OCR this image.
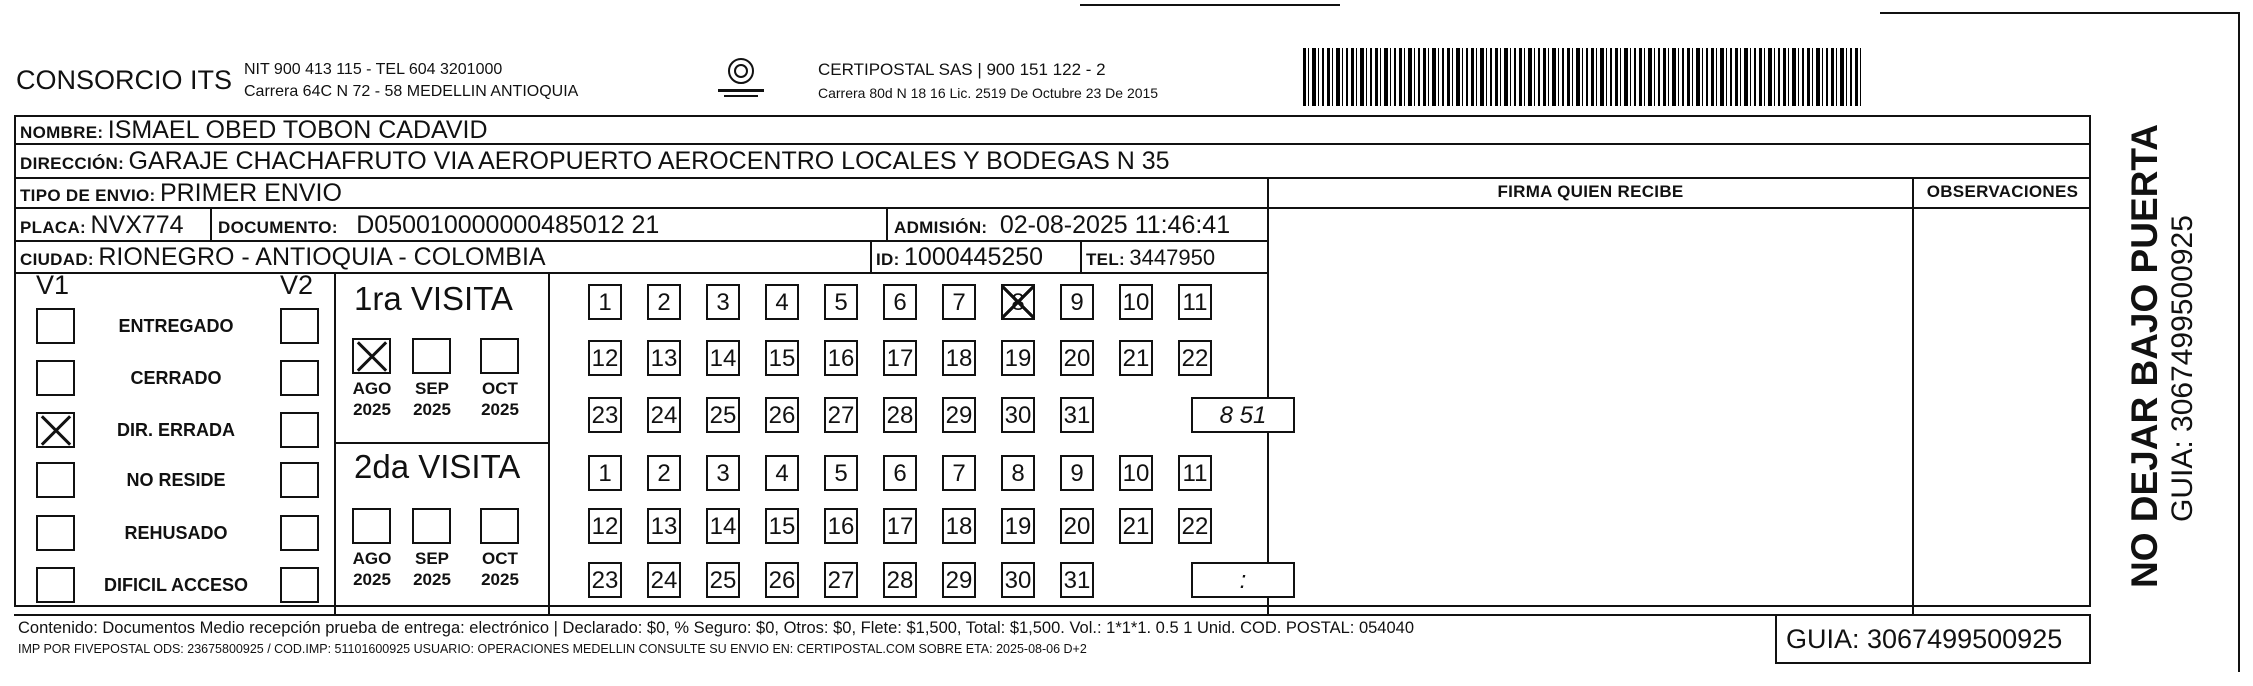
CONSORCIO ITS NIT 900 413 115 - TEL 604 3201000
Carrera 64C N 72 - 58 MEDELLIN ANTIOQUIA
CERTIPOSTAL SAS | 900 151 122 - 2
Carrera 80d N 18 16 Lic. 2519 De Octubre 23 De 2015
NOMBRE: ISMAEL OBED TOBON CADAVID
DIRECCIÓN: GARAJE CHACHAFRUTO VIA AEROPUERTO AEROCENTRO LOCALES Y BODEGAS N 35
TIPO DE ENVIO: PRIMER ENVIO
PLACA: NVX774 DOCUMENTO: D050010000000485012 21	ADMISIÓN: 02-08-2025 11:46:41
CIUDAD: RIONEGRO - ANTIOQUIA - COLOMBIA	ID: 1000445250	TEL: 3447950
FIRMA QUIEN RECIBE	OBSERVACIONES
V1	V2
ENTREGADO
CERRADO
DIR. ERRADA
NO RESIDE
REHUSADO
DIFICIL ACCESO
1ra VISITA
2da VISITA
AGO
2025
SEP
2025
OCT
2025
1	2	3	4	5	6	7	8	9	10 11
12 13 14 15 16 17 18 19 20 21 22
23 24 25 26 27 28 29 30 31	8 51
AGO
2025
SEP
2025
OCT
2025
1	2	3	4	5	6	7	8	9	10 11
12 13 14 15 16 17 18 19 20 21 22
23 24 25 26 27 28 29 30 31	:	NO DEJAR BAJO PUERTA GUIA: 3067499500925
Contenido: Documentos Medio recepción prueba de entrega: electrónico | Declarado: $0, % Seguro: $0, Otros: $0, Flete: $1,500, Total: $1,500. Vol.: 1*1*1. 0.5 1 Unid. COD. POSTAL: 054040
IMP POR FIVEPOSTAL ODS: 23675800925 / COD.IMP: 51101600925 USUARIO: OPERACIONES MEDELLIN CONSULTE SU ENVIO EN: CERTIPOSTAL.COM SOBRE ETA: 2025-08-06 D+2	GUIA: 3067499500925
